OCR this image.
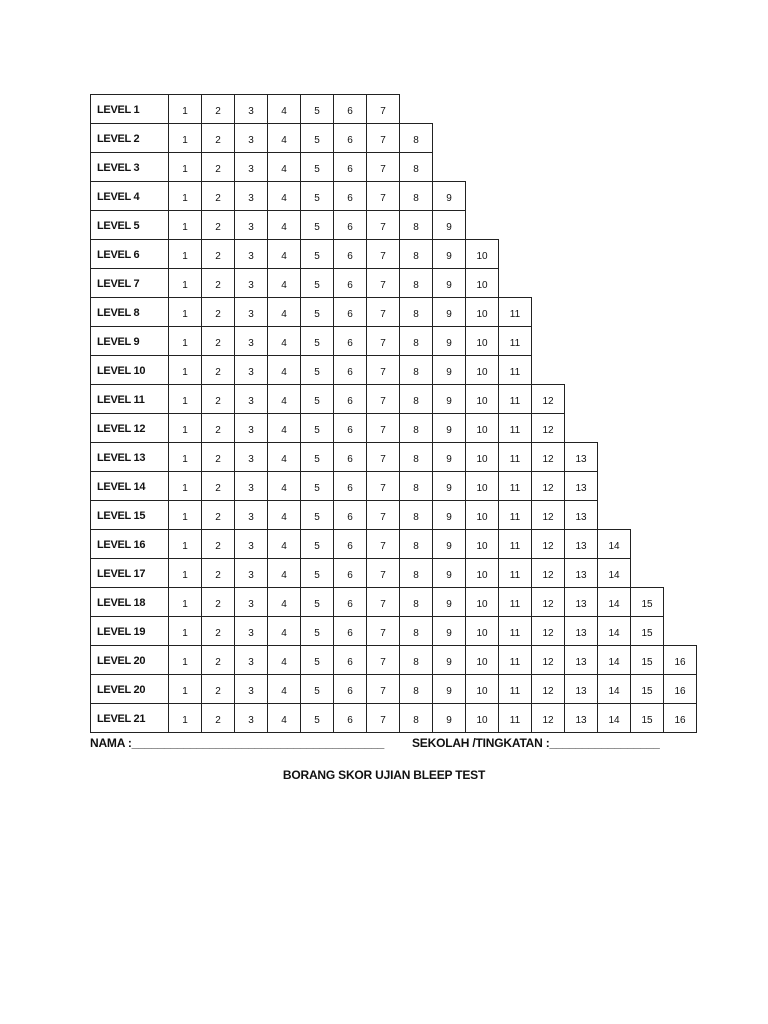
LEVEL 1	1	2	3	4	5	6	7
LEVEL 2	1	2	3	4	5	6	7	8
LEVEL 3	1	2	3	4	5	6	7	8
LEVEL 4	1	2	3	4	5	6	7	8	9
LEVEL 5	1	2	3	4	5	6	7	8	9
LEVEL 6	1	2	3	4	5	6	7	8	9	10
LEVEL 7	1	2	3	4	5	6	7	8	9	10
LEVEL 8	1	2	3	4	5	6	7	8	9	10	11
LEVEL 9	1	2	3	4	5	6	7	8	9	10	11
LEVEL 10	1	2	3	4	5	6	7	8	9	10	11
LEVEL 11	1	2	3	4	5	6	7	8	9	10	11	12
LEVEL 12	1	2	3	4	5	6	7	8	9	10	11	12
LEVEL 13	1	2	3	4	5	6	7	8	9	10	11	12	13
LEVEL 14	1	2	3	4	5	6	7	8	9	10	11	12	13
LEVEL 15	1	2	3	4	5	6	7	8	9	10	11	12	13
LEVEL 16	1	2	3	4	5	6	7	8	9	10	11	12	13	14
LEVEL 17	1	2	3	4	5	6	7	8	9	10	11	12	13	14
LEVEL 18	1	2	3	4	5	6	7	8	9	10	11	12	13	14	15
LEVEL 19	1	2	3	4	5	6	7	8	9	10	11	12	13	14	15
LEVEL 20	1	2	3	4	5	6	7	8	9	10	11	12	13	14	15	16
LEVEL 20	1	2	3	4	5	6	7	8	9	10	11	12	13	14	15	16
LEVEL 21	1	2	3	4	5	6	7	8	9	10	11	12	13	14	15	16
NAMA :_______________________________________ SEKOLAH /TINGKATAN :_________________
BORANG SKOR UJIAN BLEEP TEST
